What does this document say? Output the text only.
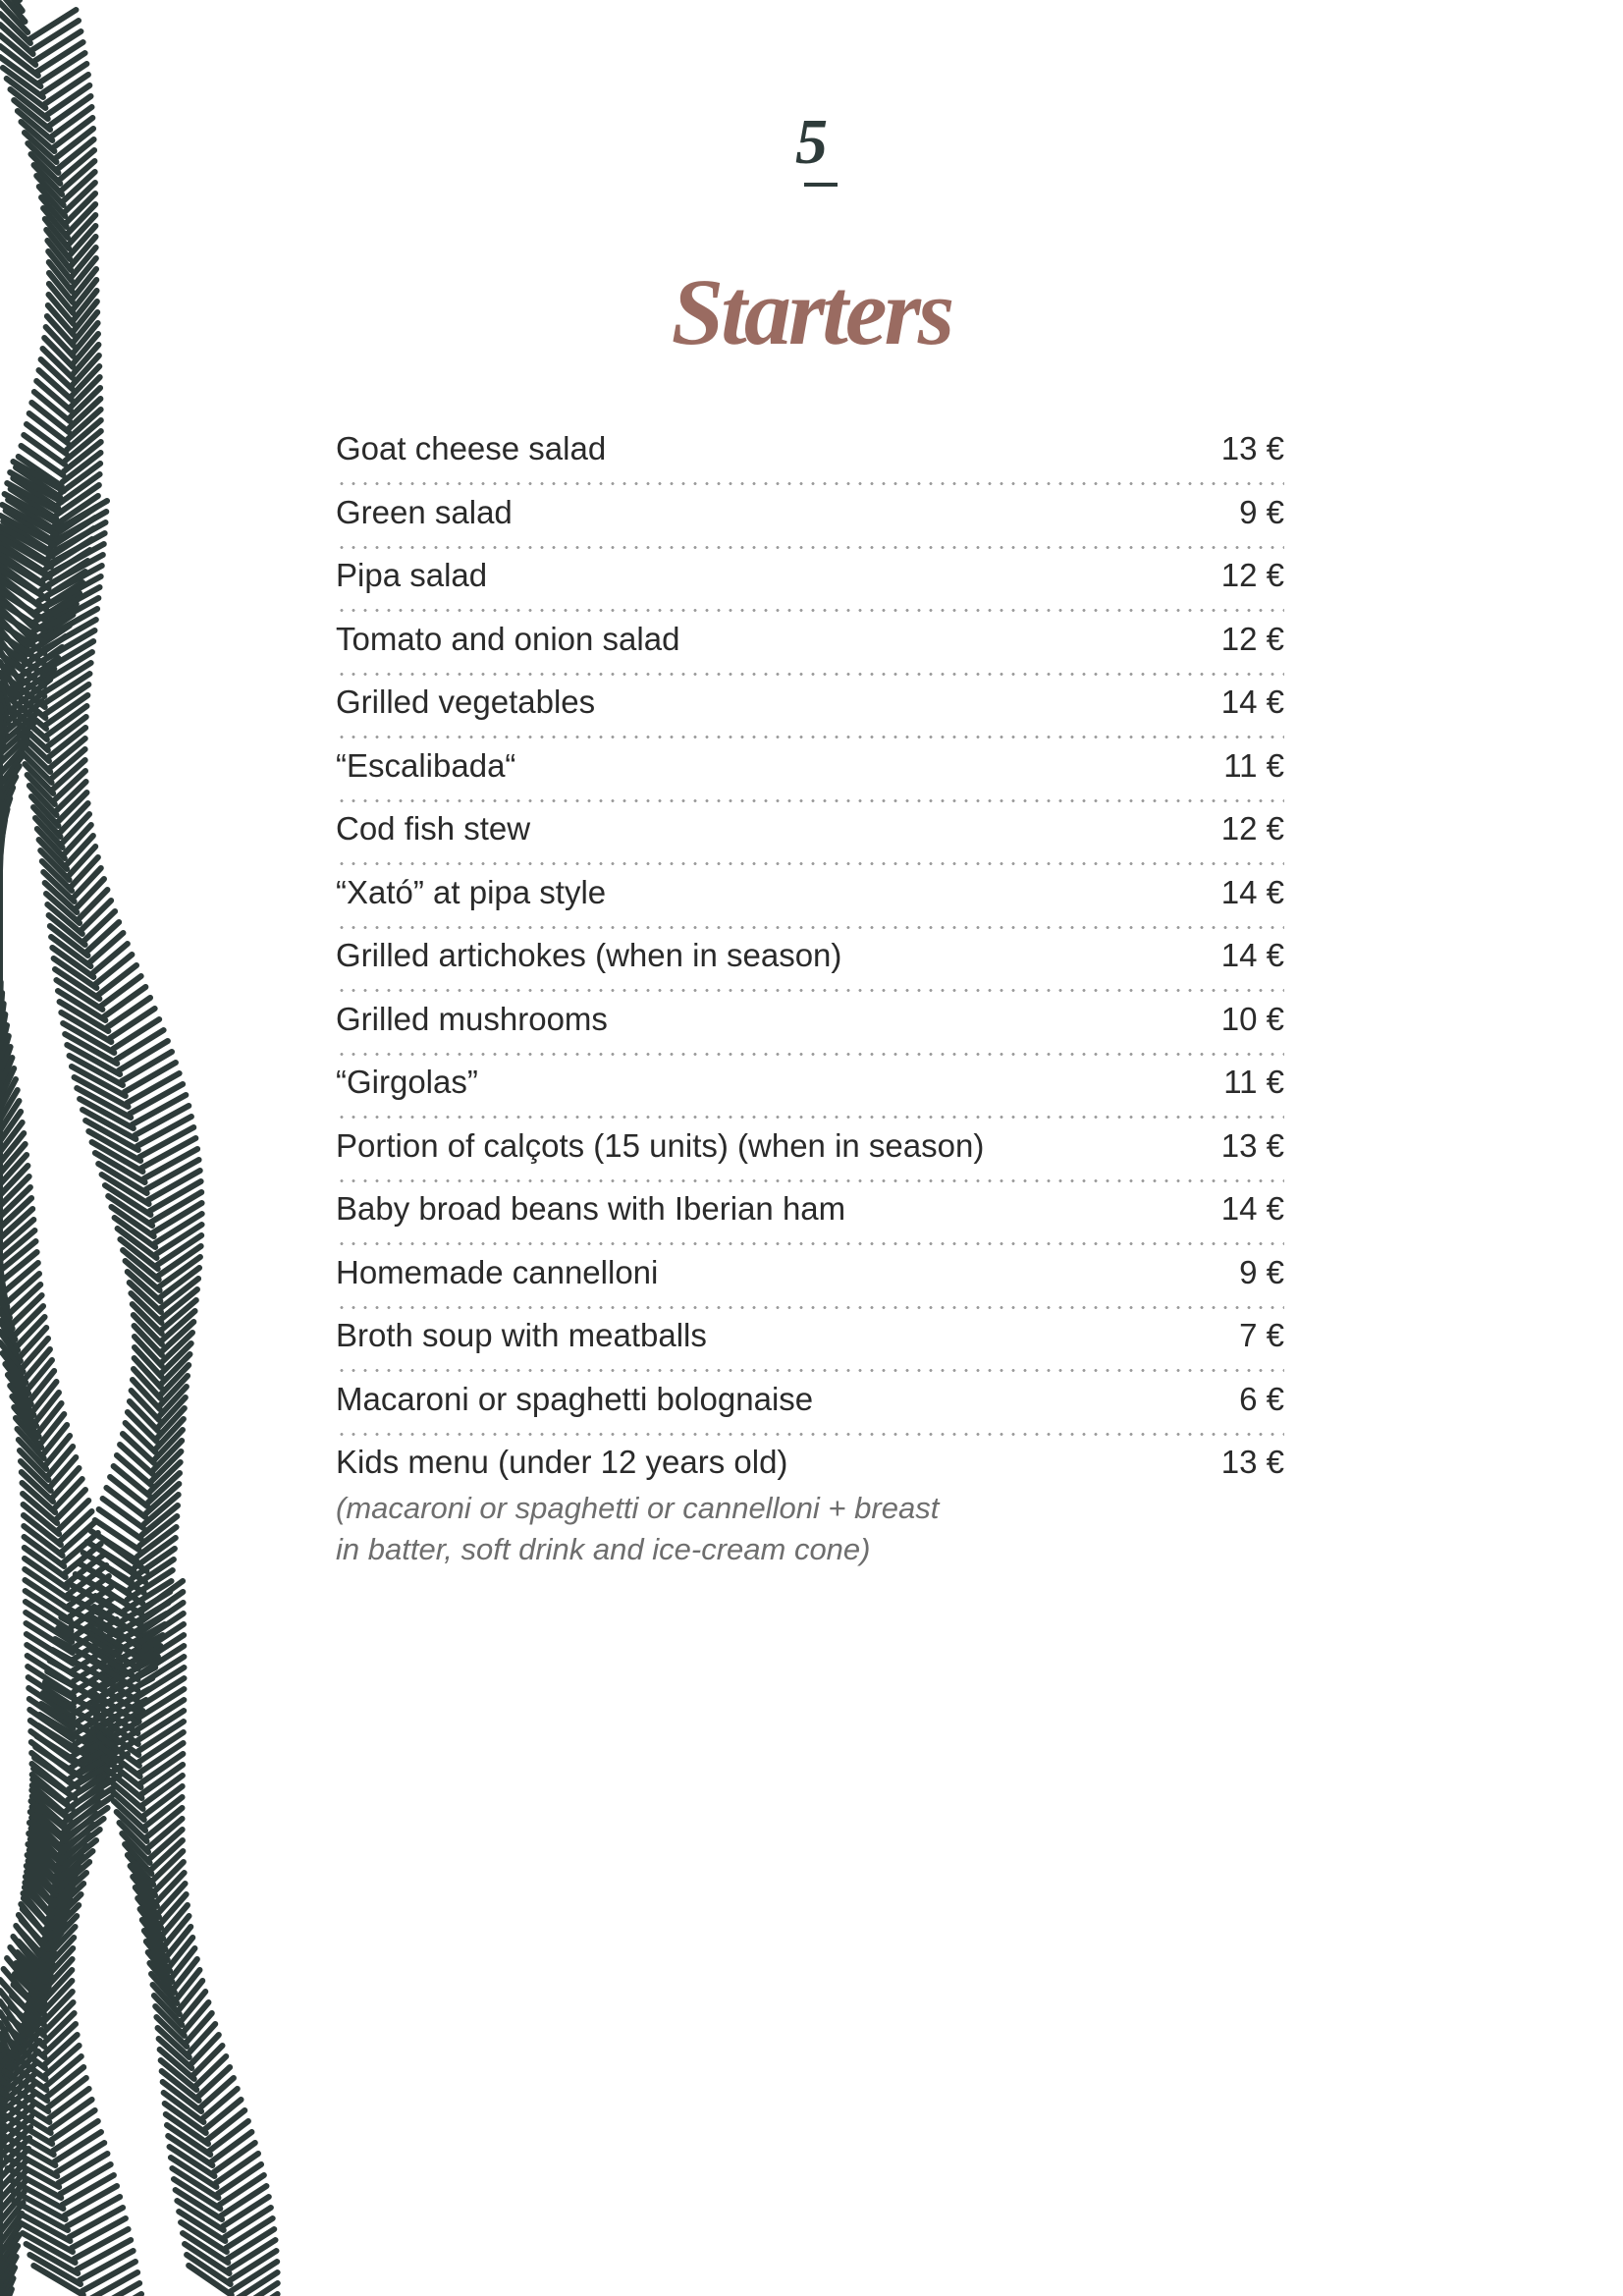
5
Starters
Goat cheese salad	13 €
Green salad	9 €
Pipa salad	12 €
Tomato and onion salad	12 €
Grilled vegetables	14 €
“Escalibada“	11 €
Cod fish stew	12 €
“Xató” at pipa style	14 €
Grilled artichokes (when in season)	14 €
Grilled mushrooms	10 €
“Girgolas”	11 €
Portion of calçots (15 units) (when in season)	13 €
Baby broad beans with Iberian ham	14 €
Homemade cannelloni	9 €
Broth soup with meatballs	7 €
Macaroni or spaghetti bolognaise	6 €
Kids menu (under 12 years old)	13 €
(macaroni or spaghetti or cannelloni + breast
in batter, soft drink and ice-cream cone)
